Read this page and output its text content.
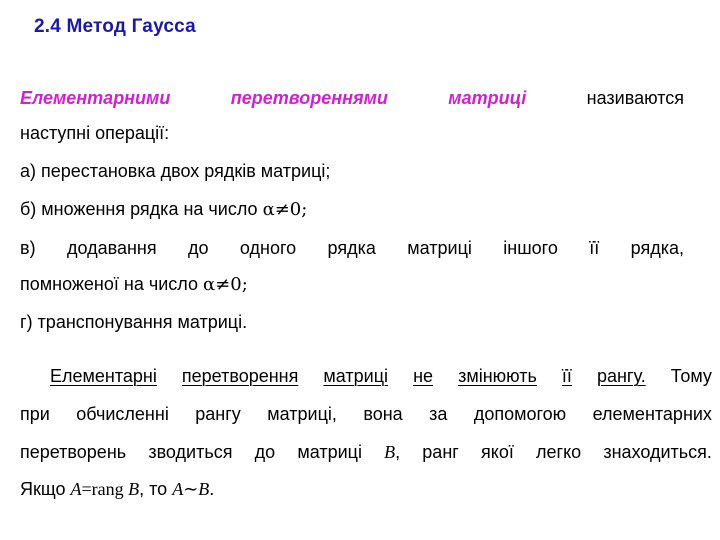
2.4 Метод Гаусса
Елементарними	перетвореннями	матриці	називаются
наступні операції:
а) перестановка двох рядків матриці;
б) множення рядка на число α≠0;
в) додавання до одного рядка матриці іншого її рядка,
помноженої на число α≠0;
г) транспонування матриці.
Елементарні перетворення матриці не змінюють її рангу. Тому
при обчисленні рангу матриці, вона за допомогою елементарних
перетворень зводиться до матриці B, ранг якої легко знаходиться.
Якщо A=rang B, то A∼B.
